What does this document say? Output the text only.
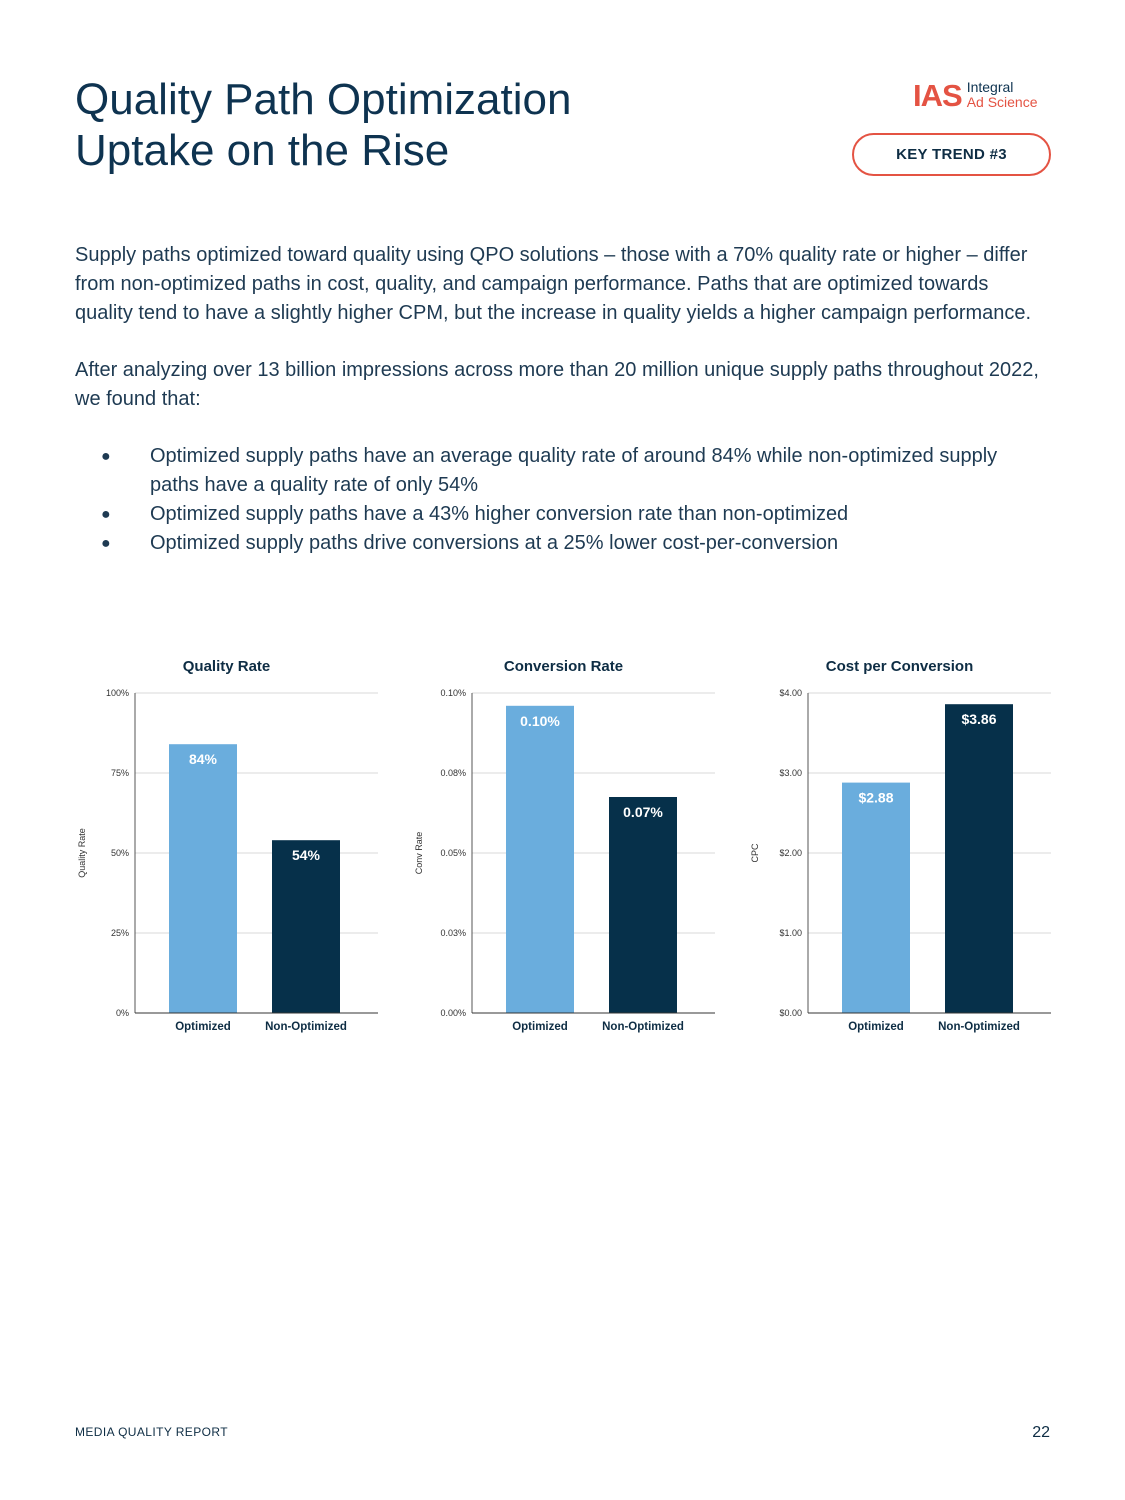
Quality Path Optimization
Uptake on the Rise
IAS Integral
Ad Science
KEY TREND #3

Supply paths optimized toward quality using QPO solutions – those with a 70% quality rate or higher – differ from non-optimized paths in cost, quality, and campaign performance. Paths that are optimized towards quality tend to have a slightly higher CPM, but the increase in quality yields a higher campaign performance.

After analyzing over 13 billion impressions across more than 20 million unique supply paths throughout 2022, we found that:

● Optimized supply paths have an average quality rate of around 84% while non-optimized supply paths have a quality rate of only 54%
● Optimized supply paths have a 43% higher conversion rate than non-optimized
● Optimized supply paths drive conversions at a 25% lower cost-per-conversion
Quality Rate
0%
25%
50%
75%
100%
Quality Rate
84%
Optimized
54%
Non-Optimized
Conversion Rate
0.00%
0.03%
0.05%
0.08%
0.10%
Conv Rate
0.10%
Optimized
0.07%
Non-Optimized
Cost per Conversion
$0.00
$1.00
$2.00
$3.00
$4.00
CPC
$2.88
Optimized
$3.86
Non-Optimized
MEDIA QUALITY REPORT	22
